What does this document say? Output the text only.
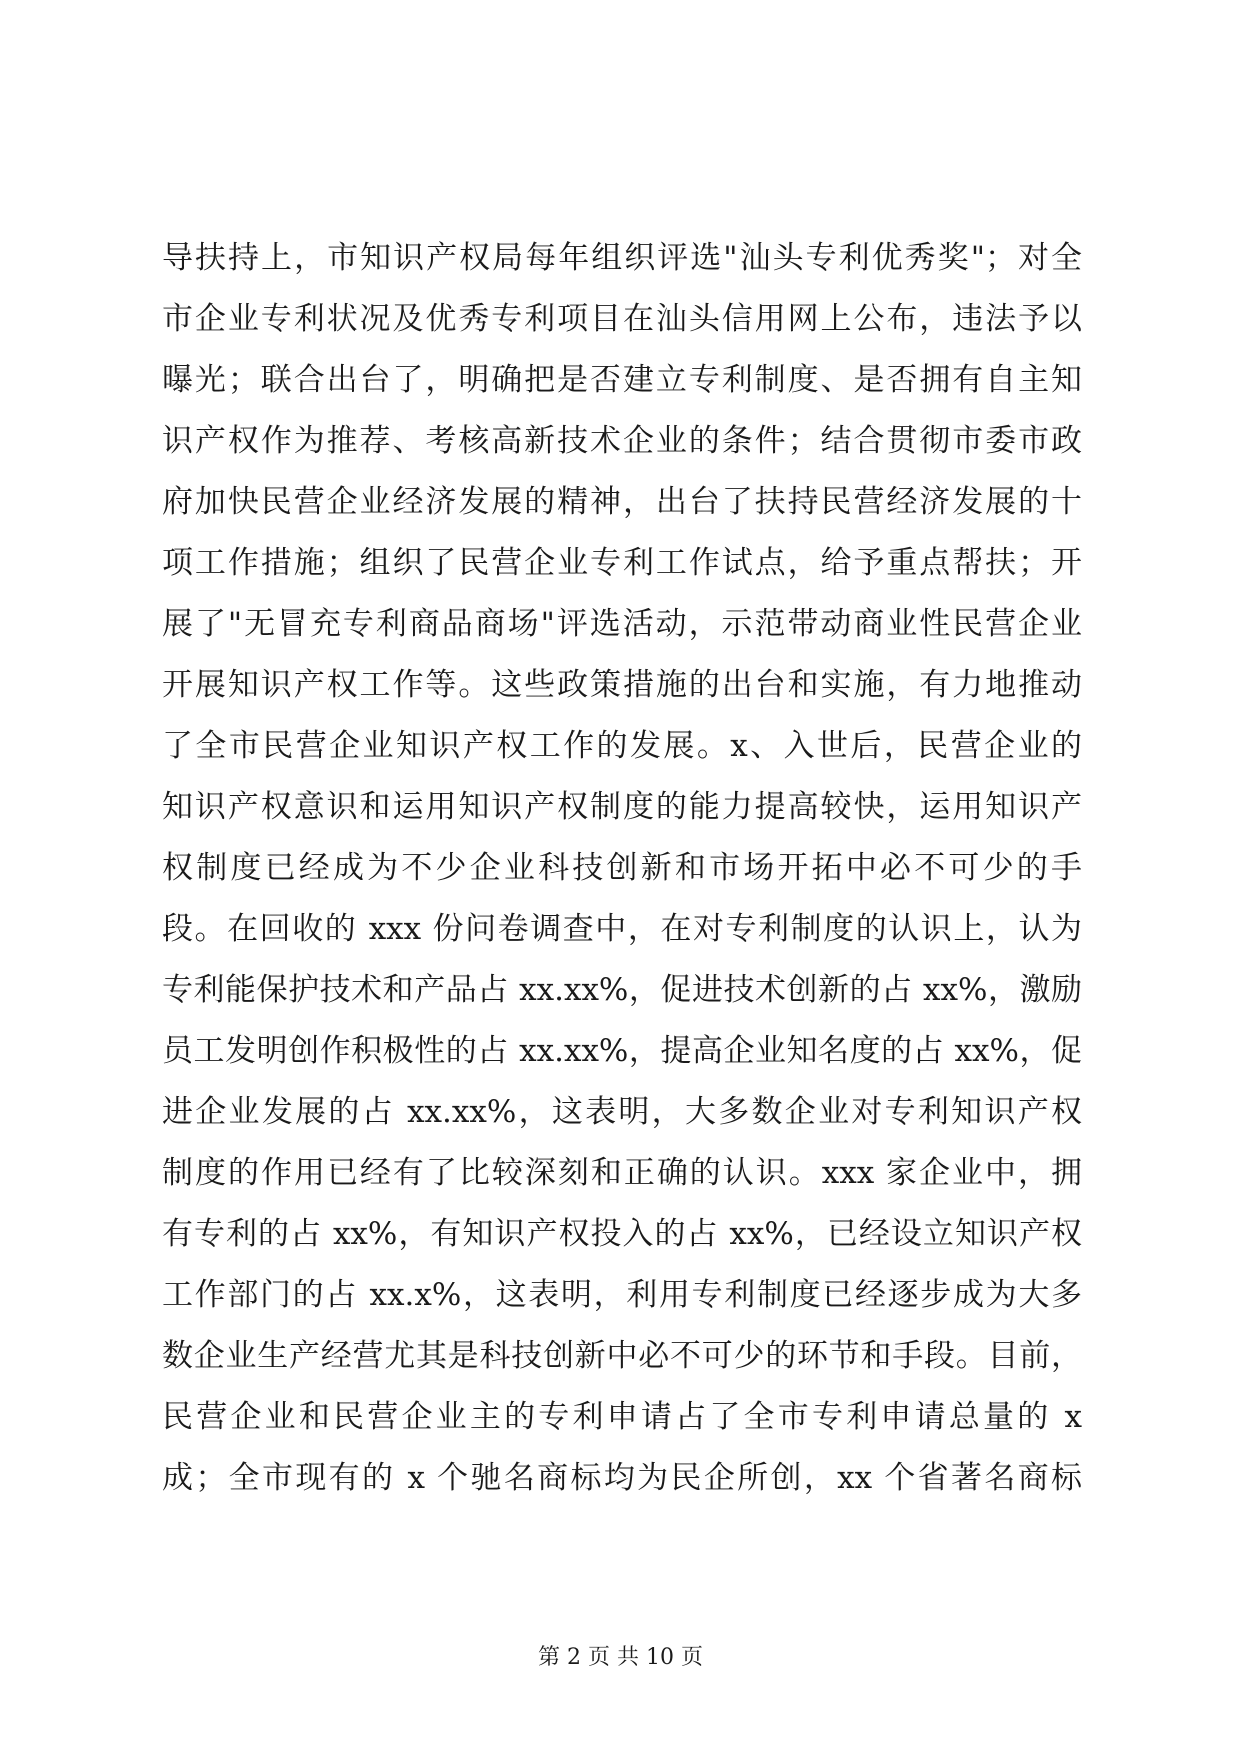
导扶持上，市知识产权局每年组织评选"汕头专利优秀奖"；对全
市企业专利状况及优秀专利项目在汕头信用网上公布，违法予以
曝光；联合出台了，明确把是否建立专利制度、是否拥有自主知
识产权作为推荐、考核高新技术企业的条件；结合贯彻市委市政
府加快民营企业经济发展的精神，出台了扶持民营经济发展的十
项工作措施；组织了民营企业专利工作试点，给予重点帮扶；开
展了"无冒充专利商品商场"评选活动，示范带动商业性民营企业
开展知识产权工作等。这些政策措施的出台和实施，有力地推动
了全市民营企业知识产权工作的发展。x、入世后，民营企业的
知识产权意识和运用知识产权制度的能力提高较快，运用知识产
权制度已经成为不少企业科技创新和市场开拓中必不可少的手
段。在回收的 xxx 份问卷调查中，在对专利制度的认识上，认为
专利能保护技术和产品占 xx.xx%，促进技术创新的占 xx%，激励
员工发明创作积极性的占 xx.xx%，提高企业知名度的占 xx%，促
进企业发展的占 xx.xx%，这表明，大多数企业对专利知识产权
制度的作用已经有了比较深刻和正确的认识。xxx 家企业中，拥
有专利的占 xx%，有知识产权投入的占 xx%，已经设立知识产权
工作部门的占 xx.x%，这表明，利用专利制度已经逐步成为大多
数企业生产经营尤其是科技创新中必不可少的环节和手段。目前，
民营企业和民营企业主的专利申请占了全市专利申请总量的 x
成；全市现有的 x 个驰名商标均为民企所创，xx 个省著名商标
第 2 页 共 10 页
